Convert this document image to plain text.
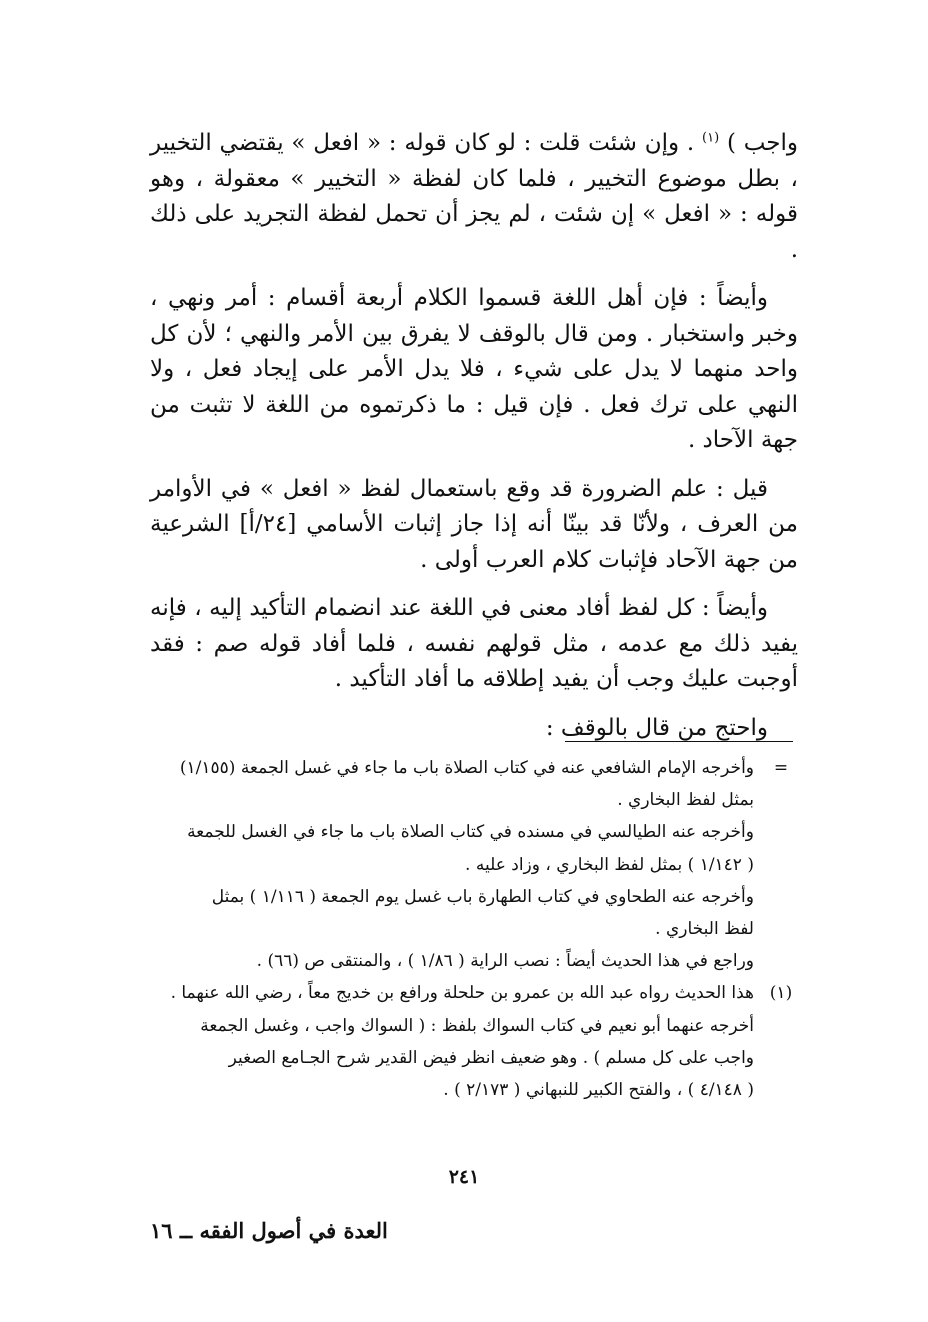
واجب ) $^{(١)}$ . وإن شئت قلت : لو كان قوله : « افعل » يقتضي التخيير ، بطل موضوع التخيير ، فلما كان لفظة « التخيير » معقولة ، وهو قوله : « افعل » إن شئت ، لم يجز أن تحمل لفظة التجريد على ذلك .

وأيضاً : فإن أهل اللغة قسموا الكلام أربعة أقسام : أمر ونهي ، وخبر واستخبار . ومن قال بالوقف لا يفرق بين الأمر والنهي ؛ لأن كل واحد منهما لا يدل على شيء ، فلا يدل الأمر على إيجاد فعل ، ولا النهي على ترك فعل . فإن قيل : ما ذكرتموه من اللغة لا تثبت من جهة الآحاد .

قيل : علم الضرورة قد وقع باستعمال لفظ « افعل » في الأوامر من العرف ، ولأنّا قد بينّا أنه إذا جاز إثبات الأسامي [٢٤/أ] الشرعية من جهة الآحاد فإثبات كلام العرب أولى .

وأيضاً : كل لفظ أفاد معنى في اللغة عند انضمام التأكيد إليه ، فإنه يفيد ذلك مع عدمه ، مثل قولهم نفسه ، فلما أفاد قوله صم : فقد أوجبت عليك وجب أن يفيد إطلاقه ما أفاد التأكيد .

واحتج من قال بالوقف :

=
وأخرجه الإمام الشافعي عنه في كتاب الصلاة باب ما جاء في غسل الجمعة (١/١٥٥)
بمثل لفظ البخاري .
وأخرجه عنه الطيالسي في مسنده في كتاب الصلاة باب ما جاء في الغسل للجمعة
( ١/١٤٢ ) بمثل لفظ البخاري ، وزاد عليه .
وأخرجه عنه الطحاوي في كتاب الطهارة باب غسل يوم الجمعة ( ١/١١٦ ) بمثل
لفظ البخاري .
وراجع في هذا الحديث أيضاً : نصب الراية ( ١/٨٦ ) ، والمنتقى ص (٦٦) .
(١)
هذا الحديث رواه عبد الله بن عمرو بن حلحلة ورافع بن خديج معاً ، رضي الله عنهما .
أخرجه عنهما أبو نعيم في كتاب السواك بلفظ : ( السواك واجب ، وغسل الجمعة
واجب على كل مسلم ) . وهو ضعيف انظر فيض القدير شرح الجـامع الصغير
( ٤/١٤٨ ) ، والفتح الكبير للنبهاني ( ٢/١٧٣ ) .
٢٤١
العدة في أصول الفقه ــ ١٦
